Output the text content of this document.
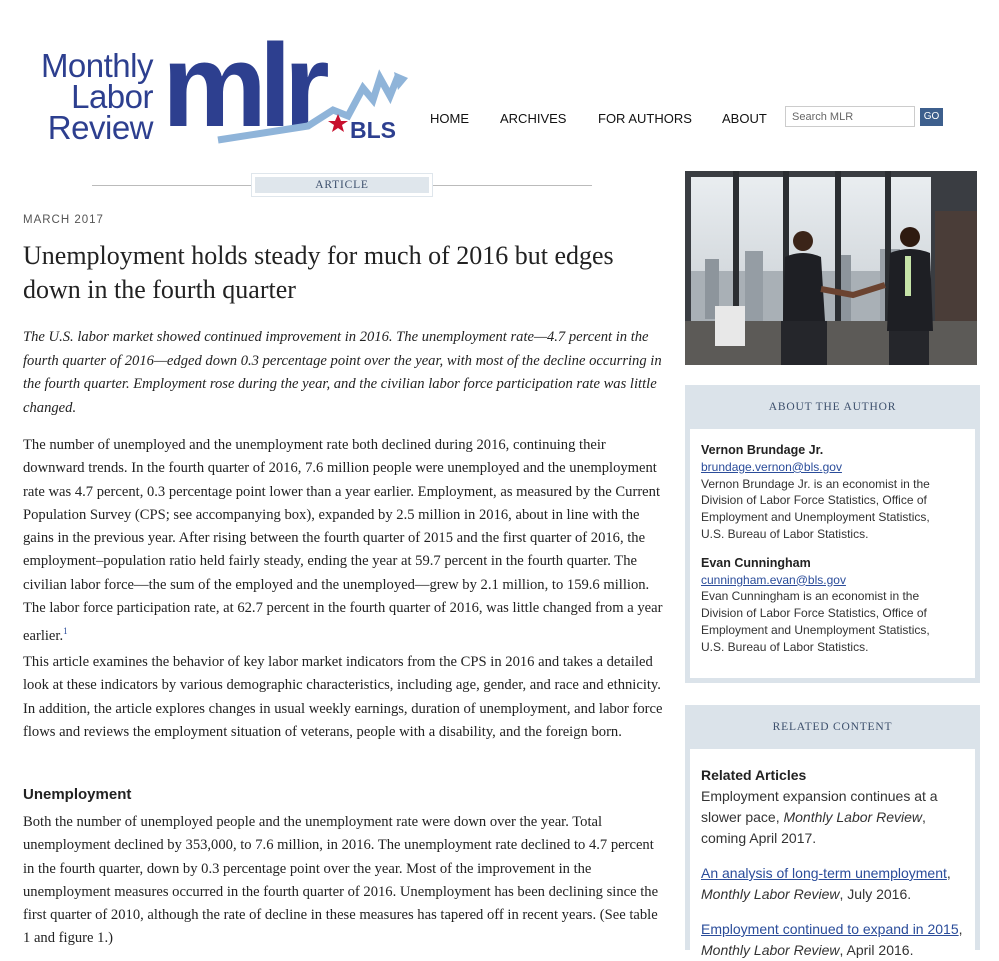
Monthly
Labor
Review mlr	BLS	HOME ARCHIVES FOR AUTHORS ABOUT
Search MLR	GO
ARTICLE
MARCH 2017
Unemployment holds steady for much of 2016 but edges down in the fourth quarter

The U.S. labor market showed continued improvement in 2016. The unemployment rate—4.7 percent in the fourth quarter of 2016—edged down 0.3 percentage point over the year, with most of the decline occurring in the fourth quarter. Employment rose during the year, and the civilian labor force participation rate was little changed.

The number of unemployed and the unemployment rate both declined during 2016, continuing their downward trends. In the fourth quarter of 2016, 7.6 million people were unemployed and the unemployment rate was 4.7 percent, 0.3 percentage point lower than a year earlier. Employment, as measured by the Current Population Survey (CPS; see accompanying box), expanded by 2.5 million in 2016, about in line with the gains in the previous year. After rising between the fourth quarter of 2015 and the first quarter of 2016, the employment–population ratio held fairly steady, ending the year at 59.7 percent in the fourth quarter. The civilian labor force—the sum of the employed and the unemployed—grew by 2.1 million, to 159.6 million. The labor force participation rate, at 62.7 percent in the fourth quarter of 2016, was little changed from a year earlier.$^1$

This article examines the behavior of key labor market indicators from the CPS in 2016 and takes a detailed look at these indicators by various demographic characteristics, including age, gender, and race and ethnicity. In addition, the article explores changes in usual weekly earnings, duration of unemployment, and labor force flows and reviews the employment situation of veterans, people with a disability, and the foreign born.

Unemployment

Both the number of unemployed people and the unemployment rate were down over the year. Total unemployment declined by 353,000, to 7.6 million, in 2016. The unemployment rate declined to 4.7 percent in the fourth quarter, down by 0.3 percentage point over the year. Most of the improvement in the unemployment measures occurred in the fourth quarter of 2016. Unemployment has been declining since the first quarter of 2010, although the rate of decline in these measures has tapered off in recent years. (See table 1 and figure 1.)

ABOUT THE AUTHOR
Vernon Brundage Jr.
brundage.vernon@bls.gov
Vernon Brundage Jr. is an economist in the Division of Labor Force Statistics, Office of Employment and Unemployment Statistics, U.S. Bureau of Labor Statistics.
Evan Cunningham
cunningham.evan@bls.gov
Evan Cunningham is an economist in the Division of Labor Force Statistics, Office of Employment and Unemployment Statistics, U.S. Bureau of Labor Statistics.
RELATED CONTENT
Related Articles
Employment expansion continues at a slower pace, Monthly Labor Review, coming April 2017.
An analysis of long-term unemployment, Monthly Labor Review, July 2016.
Employment continued to expand in 2015, Monthly Labor Review, April 2016.
